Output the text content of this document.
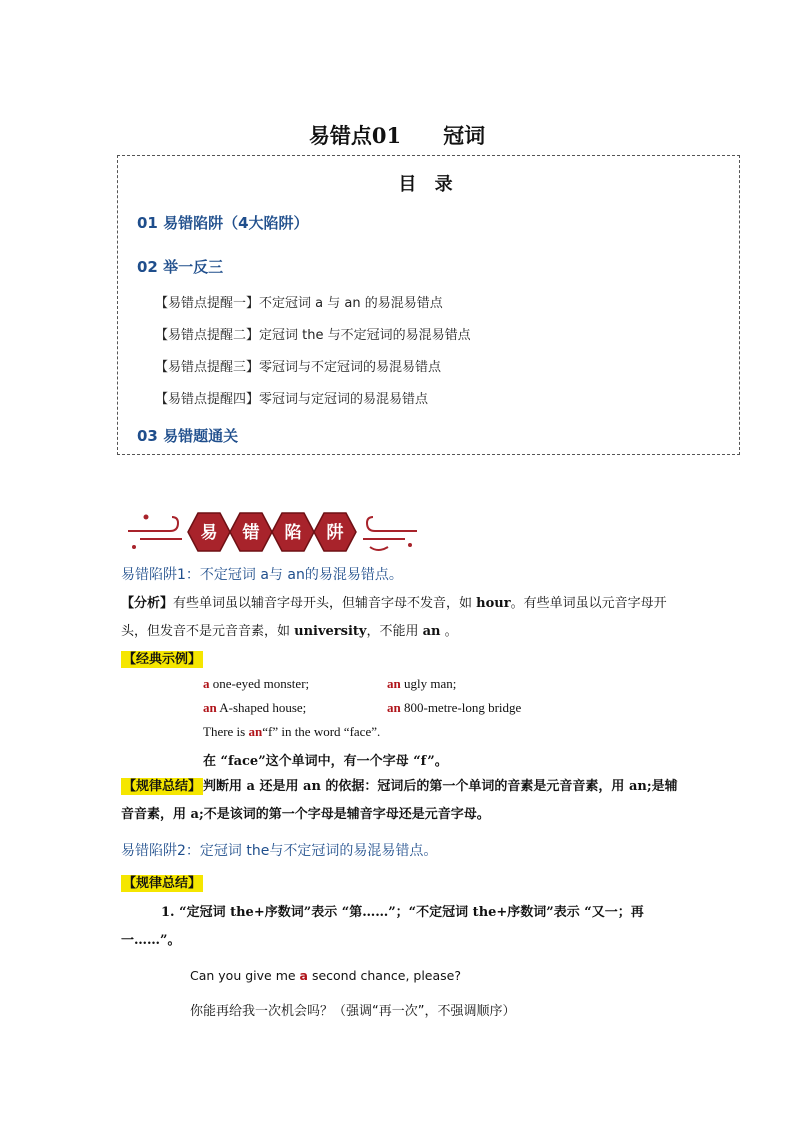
易错点01　　冠词
目 录
01 易错陷阱（4大陷阱）
02 举一反三
【易错点提醒一】不定冠词 a 与 an 的易混易错点
【易错点提醒二】定冠词 the 与不定冠词的易混易错点
【易错点提醒三】零冠词与不定冠词的易混易错点
【易错点提醒四】零冠词与定冠词的易混易错点
03 易错题通关
易 错 陷 阱
易错陷阱1：不定冠词 a与 an的易混易错点。
【分析】有些单词虽以辅音字母开头，但辅音字母不发音，如 hour。有些单词虽以元音字母开
头，但发音不是元音音素，如 university，不能用 an 。
【经典示例】
a one-eyed monster;	an ugly man;
an A-shaped house;	an 800-metre-long bridge
There is an“f” in the word “face”.
在 “face”这个单词中，有一个字母 “f”。
【规律总结】 判断用 a 还是用 an 的依据：冠词后的第一个单词的音素是元音音素，用 an;是辅
音音素，用 a;不是该词的第一个字母是辅音字母还是元音字母。
易错陷阱2：定冠词 the与不定冠词的易混易错点。
【规律总结】
1. “定冠词 the+序数词”表示 “第……”；“不定冠词 the+序数词”表示 “又一；再
一……”。
Can you give me a second chance, please?
你能再给我一次机会吗？（强调“再一次”，不强调顺序）
